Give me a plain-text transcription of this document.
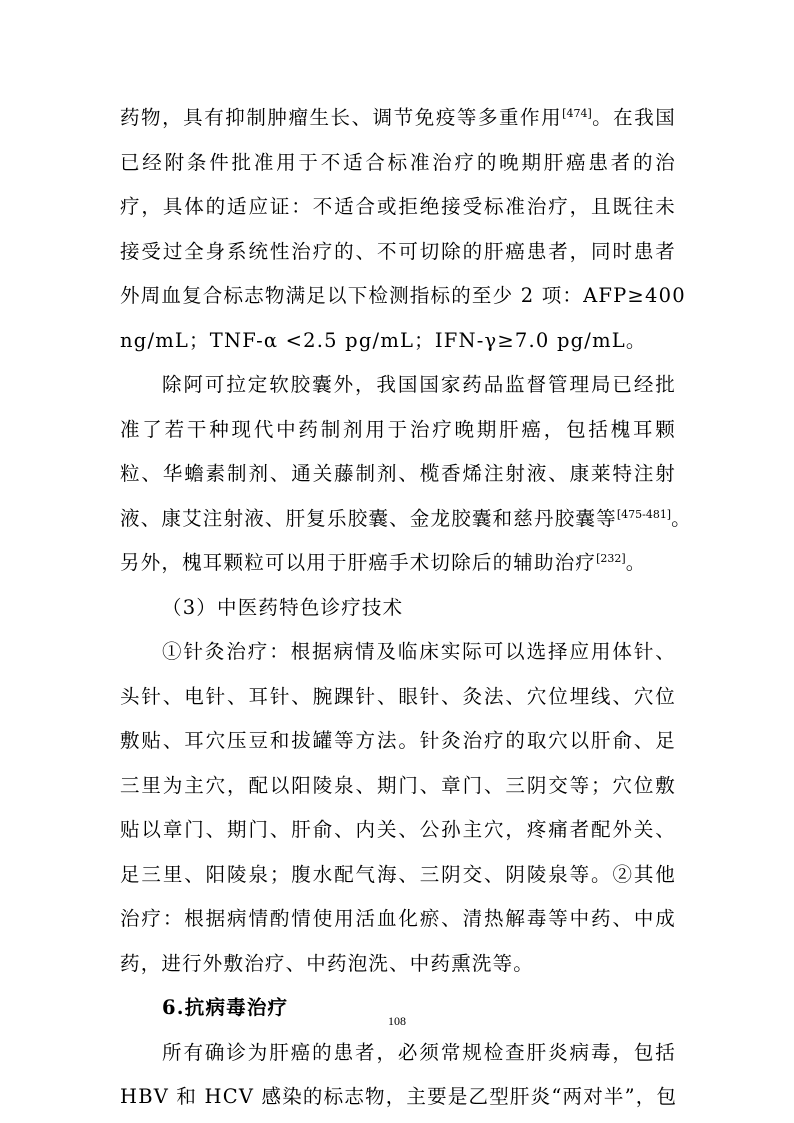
药物，具有抑制肿瘤生长、调节免疫等多重作用[474]。在我国
已经附条件批准用于不适合标准治疗的晚期肝癌患者的治
疗，具体的适应证：不适合或拒绝接受标准治疗，且既往未
接受过全身系统性治疗的、不可切除的肝癌患者，同时患者
外周血复合标志物满足以下检测指标的至少 2 项：AFP≥400
ng/mL；TNF-α <2.5 pg/mL；IFN-γ≥7.0 pg/mL。
除阿可拉定软胶囊外，我国国家药品监督管理局已经批
准了若干种现代中药制剂用于治疗晚期肝癌，包括槐耳颗
粒、华蟾素制剂、通关藤制剂、榄香烯注射液、康莱特注射
液、康艾注射液、肝复乐胶囊、金龙胶囊和慈丹胶囊等[475-481]。
另外，槐耳颗粒可以用于肝癌手术切除后的辅助治疗[232]。
（3）中医药特色诊疗技术
①针灸治疗：根据病情及临床实际可以选择应用体针、
头针、电针、耳针、腕踝针、眼针、灸法、穴位埋线、穴位
敷贴、耳穴压豆和拔罐等方法。针灸治疗的取穴以肝俞、足
三里为主穴，配以阳陵泉、期门、章门、三阴交等；穴位敷
贴以章门、期门、肝俞、内关、公孙主穴，疼痛者配外关、
足三里、阳陵泉；腹水配气海、三阴交、阴陵泉等。②其他
治疗：根据病情酌情使用活血化瘀、清热解毒等中药、中成
药，进行外敷治疗、中药泡洗、中药熏洗等。
6.抗病毒治疗
所有确诊为肝癌的患者，必须常规检查肝炎病毒，包括
HBV 和 HCV 感染的标志物，主要是乙型肝炎“两对半”，包
108
